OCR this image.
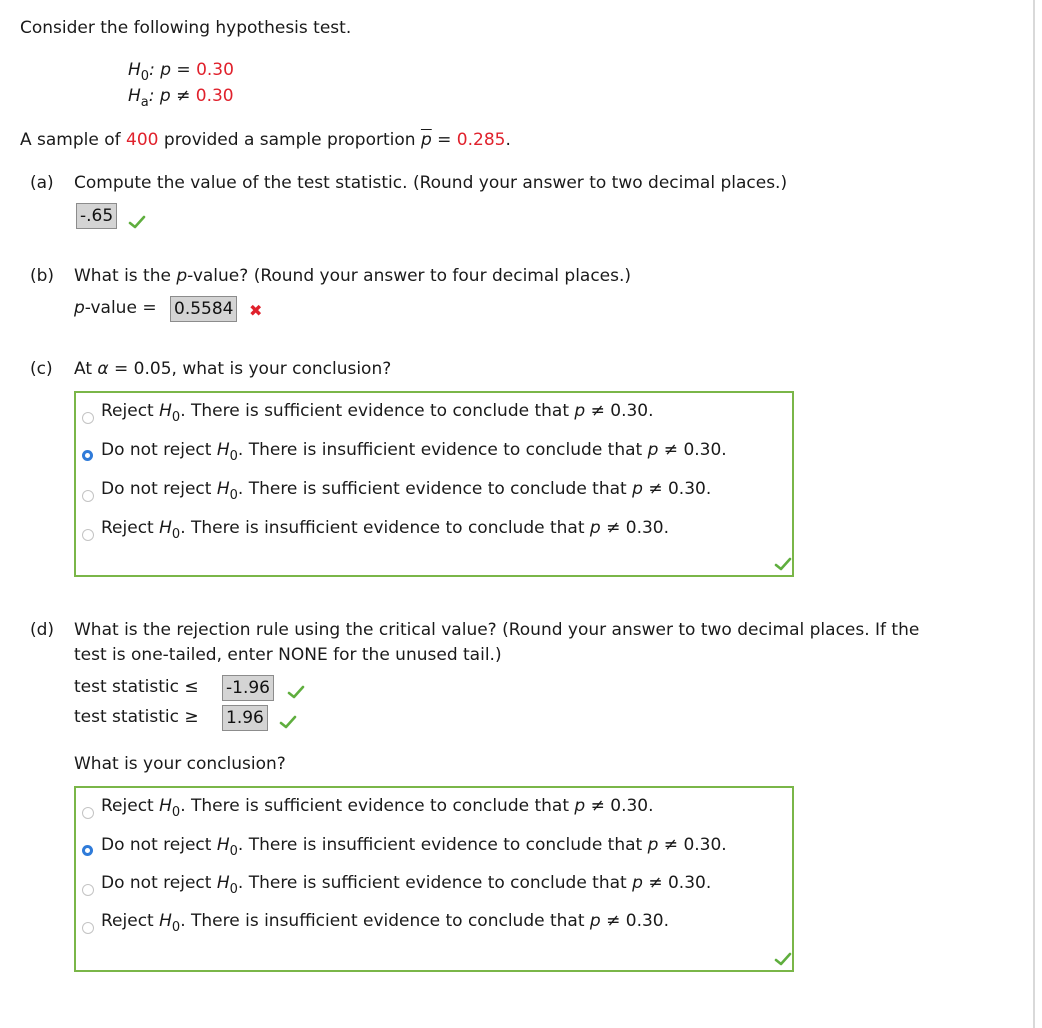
Consider the following hypothesis test.
$H_0$: p = 0.30
$H_a$: p ≠ 0.30
A sample of 400 provided a sample proportion $\overline{p} = 0.285$.
(a) Compute the value of the test statistic. (Round your answer to two decimal places.)
-.65
(b) What is the p-value? (Round your answer to four decimal places.)
p-value = 0.5584 ✖
(c) At α = 0.05, what is your conclusion?
Reject $H_0$. There is sufficient evidence to conclude that p ≠ 0.30.
Do not reject $H_0$. There is insufficient evidence to conclude that p ≠ 0.30.
Do not reject $H_0$. There is sufficient evidence to conclude that p ≠ 0.30.
Reject $H_0$. There is insufficient evidence to conclude that p ≠ 0.30.
(d) What is the rejection rule using the critical value? (Round your answer to two decimal places. If the
test is one-tailed, enter NONE for the unused tail.)
test statistic ≤ -1.96
test statistic ≥ 1.96
What is your conclusion?
Reject $H_0$. There is sufficient evidence to conclude that p ≠ 0.30.
Do not reject $H_0$. There is insufficient evidence to conclude that p ≠ 0.30.
Do not reject $H_0$. There is sufficient evidence to conclude that p ≠ 0.30.
Reject $H_0$. There is insufficient evidence to conclude that p ≠ 0.30.
